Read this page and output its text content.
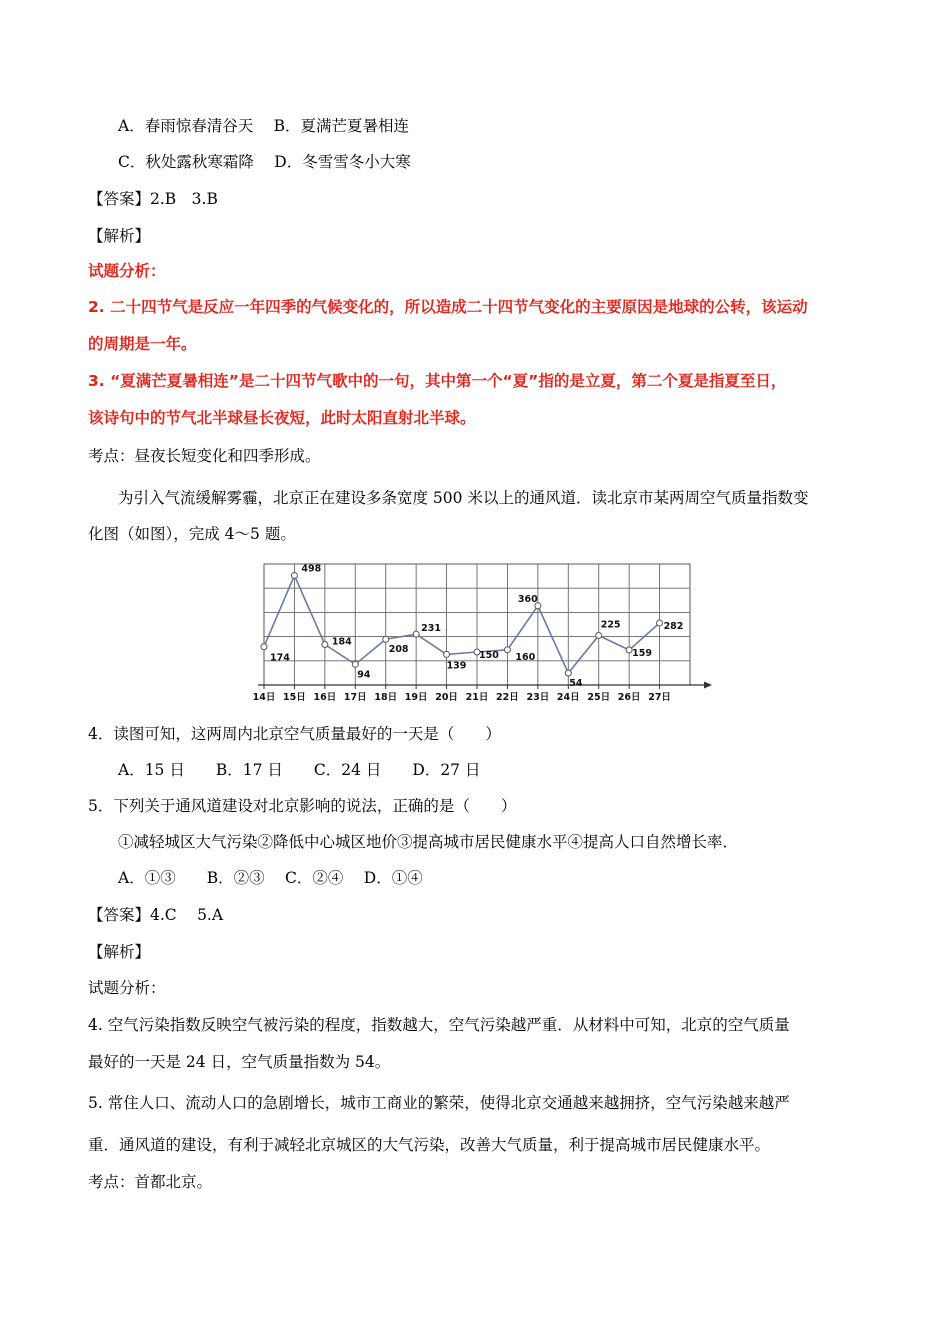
A．春雨惊春清谷天　 B．夏满芒夏暑相连
C．秋处露秋寒霜降　 D．冬雪雪冬小大寒
【答案】2.B　3.B
【解析】
试题分析：
2. 二十四节气是反应一年四季的气候变化的，所以造成二十四节气变化的主要原因是地球的公转，该运动
的周期是一年。
3. “夏满芒夏暑相连”是二十四节气歌中的一句，其中第一个“夏”指的是立夏，第二个夏是指夏至日，
该诗句中的节气北半球昼长夜短，此时太阳直射北半球。
考点：昼夜长短变化和四季形成。
为引入气流缓解雾霾，北京正在建设多条宽度 500 米以上的通风道．读北京市某两周空气质量指数变
化图（如图），完成 4～5 题。
14日 15日 16日 17日 18日 19日 20日 21日 22日 23日 24日 25日 26日 27日
174
498
184
94
208
231
139
150 160
360
54
225
159
282
4．读图可知，这两周内北京空气质量最好的一天是（　　）
A．15 日　　B．17 日　　C．24 日　　D．27 日
5．下列关于通风道建设对北京影响的说法，正确的是（　　）
①减轻城区大气污染②降低中心城区地价③提高城市居民健康水平④提高人口自然增长率．
A．①③　　B．②③　 C．②④　 D．①④
【答案】4.C　 5.A
【解析】
试题分析：
4. 空气污染指数反映空气被污染的程度，指数越大，空气污染越严重．从材料中可知，北京的空气质量
最好的一天是 24 日，空气质量指数为 54。
5. 常住人口、流动人口的急剧增长，城市工商业的繁荣，使得北京交通越来越拥挤，空气污染越来越严
重．通风道的建设，有利于减轻北京城区的大气污染，改善大气质量，利于提高城市居民健康水平。
考点：首都北京。
